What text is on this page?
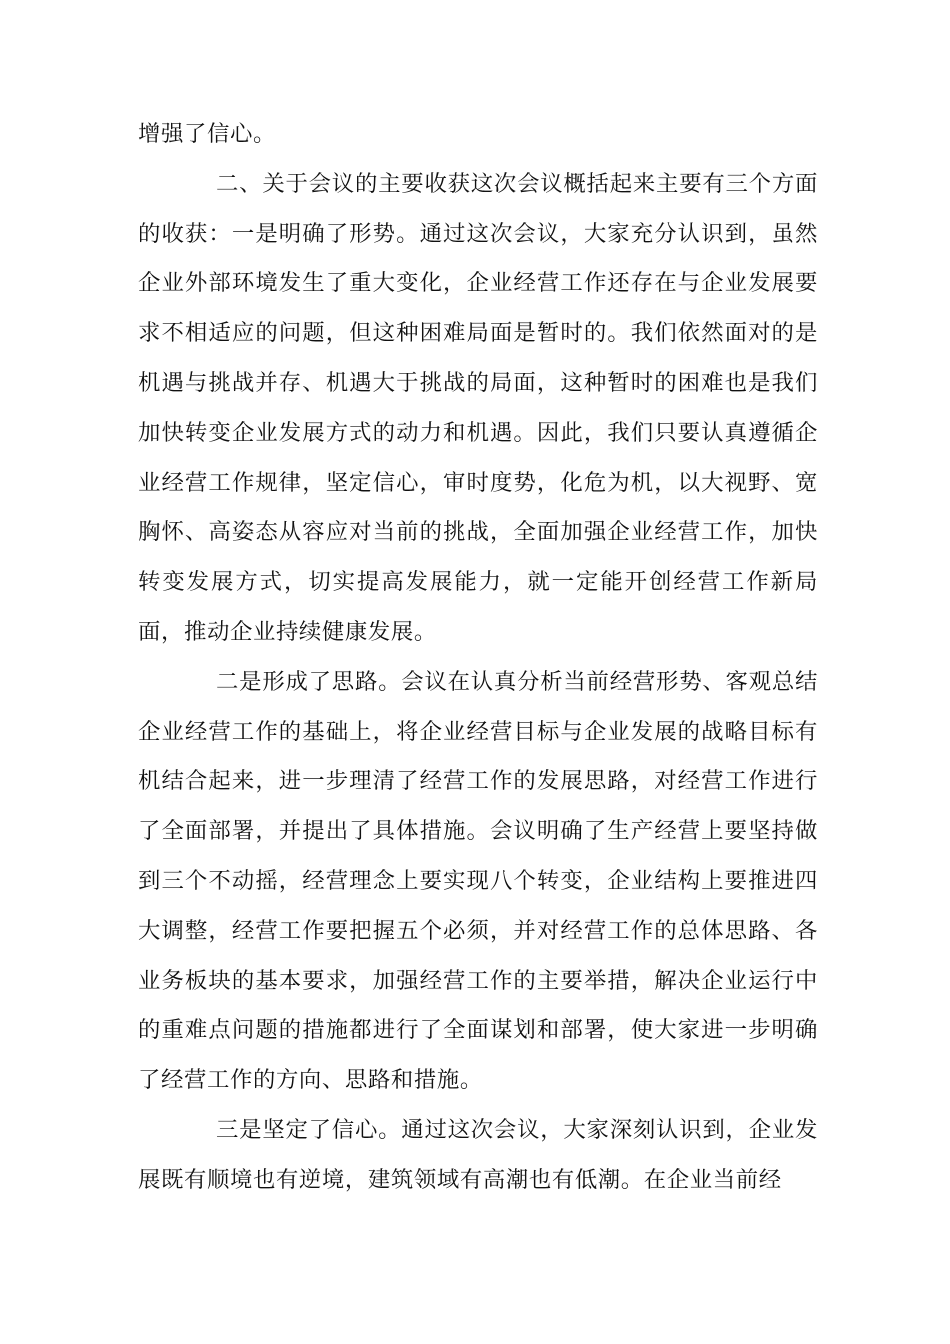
增强了信心。

二、关于会议的主要收获这次会议概括起来主要有三个方面的收获：一是明确了形势。通过这次会议，大家充分认识到，虽然企业外部环境发生了重大变化，企业经营工作还存在与企业发展要求不相适应的问题，但这种困难局面是暂时的。我们依然面对的是机遇与挑战并存、机遇大于挑战的局面，这种暂时的困难也是我们加快转变企业发展方式的动力和机遇。因此，我们只要认真遵循企业经营工作规律，坚定信心，审时度势，化危为机，以大视野、宽胸怀、高姿态从容应对当前的挑战，全面加强企业经营工作，加快转变发展方式，切实提高发展能力，就一定能开创经营工作新局面，推动企业持续健康发展。

二是形成了思路。会议在认真分析当前经营形势、客观总结企业经营工作的基础上，将企业经营目标与企业发展的战略目标有机结合起来，进一步理清了经营工作的发展思路，对经营工作进行了全面部署，并提出了具体措施。会议明确了生产经营上要坚持做到三个不动摇，经营理念上要实现八个转变，企业结构上要推进四大调整，经营工作要把握五个必须，并对经营工作的总体思路、各业务板块的基本要求，加强经营工作的主要举措，解决企业运行中的重难点问题的措施都进行了全面谋划和部署，使大家进一步明确了经营工作的方向、思路和措施。

三是坚定了信心。通过这次会议，大家深刻认识到，企业发展既有顺境也有逆境，建筑领域有高潮也有低潮。在企业当前经
